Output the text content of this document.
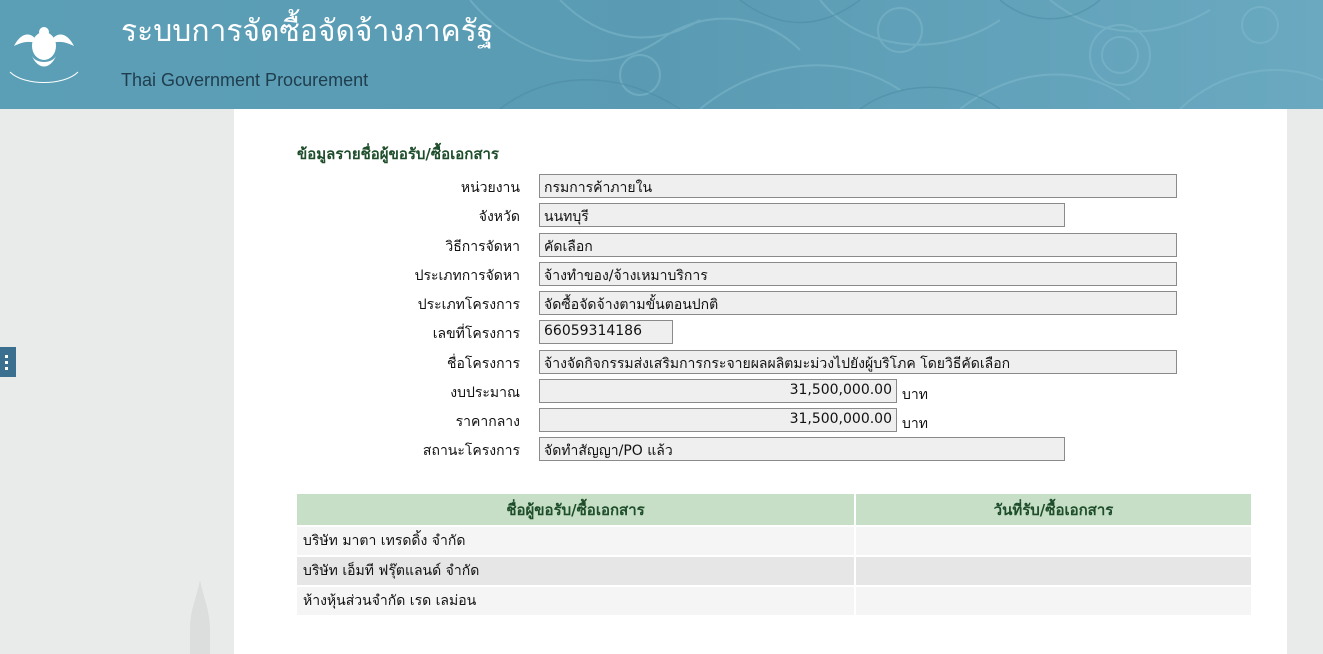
ระบบการจัดซื้อจัดจ้างภาครัฐ
Thai Government Procurement
ข้อมูลรายชื่อผู้ขอรับ/ซื้อเอกสาร
หน่วยงาน
จังหวัด
วิธีการจัดหา
ประเภทการจัดหา
ประเภทโครงการ
เลขที่โครงการ
ชื่อโครงการ
งบประมาณ
ราคากลาง
สถานะโครงการ
กรมการค้าภายใน
นนทบุรี
คัดเลือก
จ้างทำของ/จ้างเหมาบริการ
จัดซื้อจัดจ้างตามขั้นตอนปกติ
66059314186
จ้างจัดกิจกรรมส่งเสริมการกระจายผลผลิตมะม่วงไปยังผู้บริโภค โดยวิธีคัดเลือก
31,500,000.00 บาท
31,500,000.00 บาท
จัดทำสัญญา/PO แล้ว
ชื่อผู้ขอรับ/ซื้อเอกสาร	วันที่รับ/ซื้อเอกสาร
บริษัท มาตา เทรดดิ้ง จำกัด
บริษัท เอ็มที ฟรุ๊ตแลนด์ จำกัด
ห้างหุ้นส่วนจำกัด เรด เลม่อน
